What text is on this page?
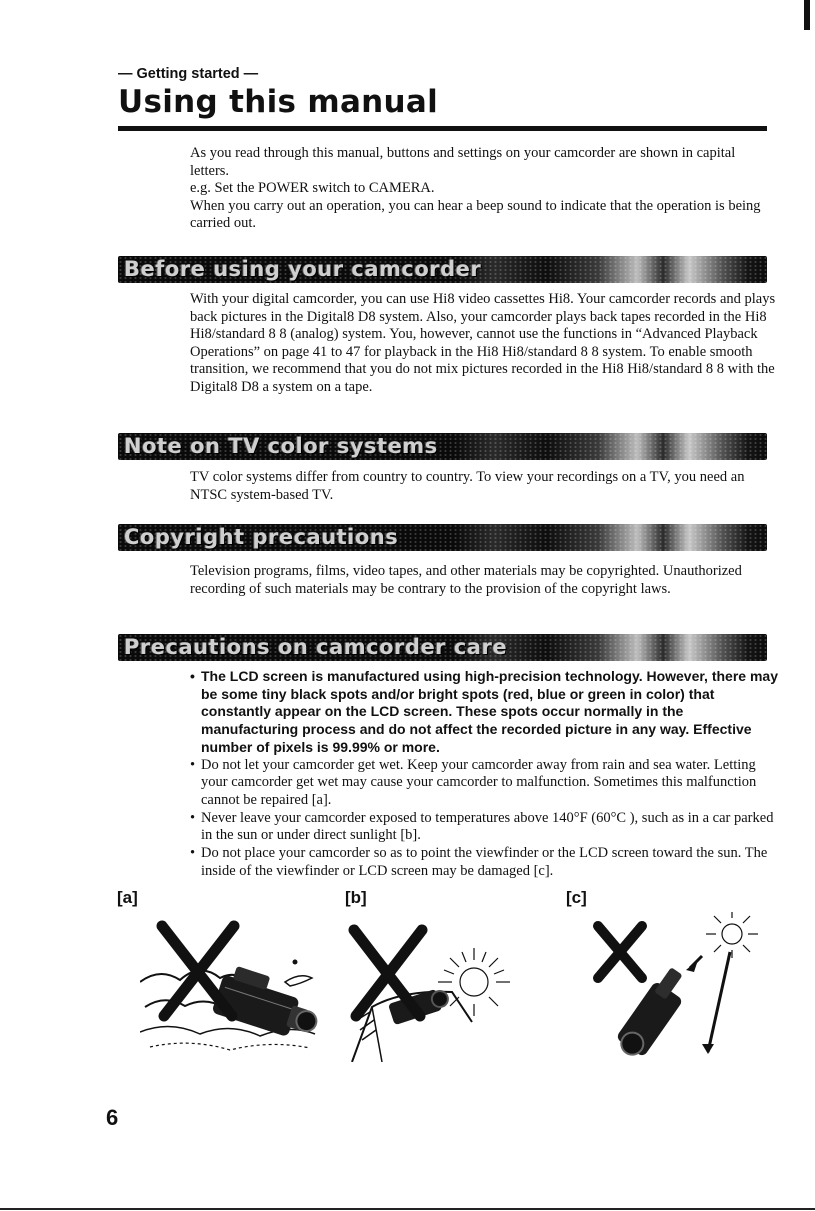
— Getting started —
Using this manual

As you read through this manual, buttons and settings on your camcorder are shown in capital letters.

e.g. Set the POWER switch to CAMERA.

When you carry out an operation, you can hear a beep sound to indicate that the operation is being carried out.

Before using your camcorder

With your digital camcorder, you can use Hi8 video cassettes Hi8. Your camcorder records and plays back pictures in the Digital8 D8 system. Also, your camcorder plays back tapes recorded in the Hi8 Hi8/standard 8 8 (analog) system. You, however, cannot use the functions in “Advanced Playback Operations” on page 41 to 47 for playback in the Hi8 Hi8/standard 8 8 system. To enable smooth transition, we recommend that you do not mix pictures recorded in the Hi8 Hi8/standard 8 8 with the Digital8 D8 a system on a tape.

Note on TV color systems

TV color systems differ from country to country. To view your recordings on a TV, you need an NTSC system-based TV.

Copyright precautions

Television programs, films, video tapes, and other materials may be copyrighted. Unauthorized recording of such materials may be contrary to the provision of the copyright laws.

Precautions on camcorder care
• The LCD screen is manufactured using high-precision technology. However, there may be some tiny black spots and/or bright spots (red, blue or green in color) that constantly appear on the LCD screen. These spots occur normally in the manufacturing process and do not affect the recorded picture in any way. Effective number of pixels is 99.99% or more.
• Do not let your camcorder get wet. Keep your camcorder away from rain and sea water. Letting your camcorder get wet may cause your camcorder to malfunction. Sometimes this malfunction cannot be repaired [a].
• Never leave your camcorder exposed to temperatures above 140°F (60°C ), such as in a car parked in the sun or under direct sunlight [b].
• Do not place your camcorder so as to point the viewfinder or the LCD screen toward the sun. The inside of the viewfinder or LCD screen may be damaged [c].
[a]	[b]	[c]
6
